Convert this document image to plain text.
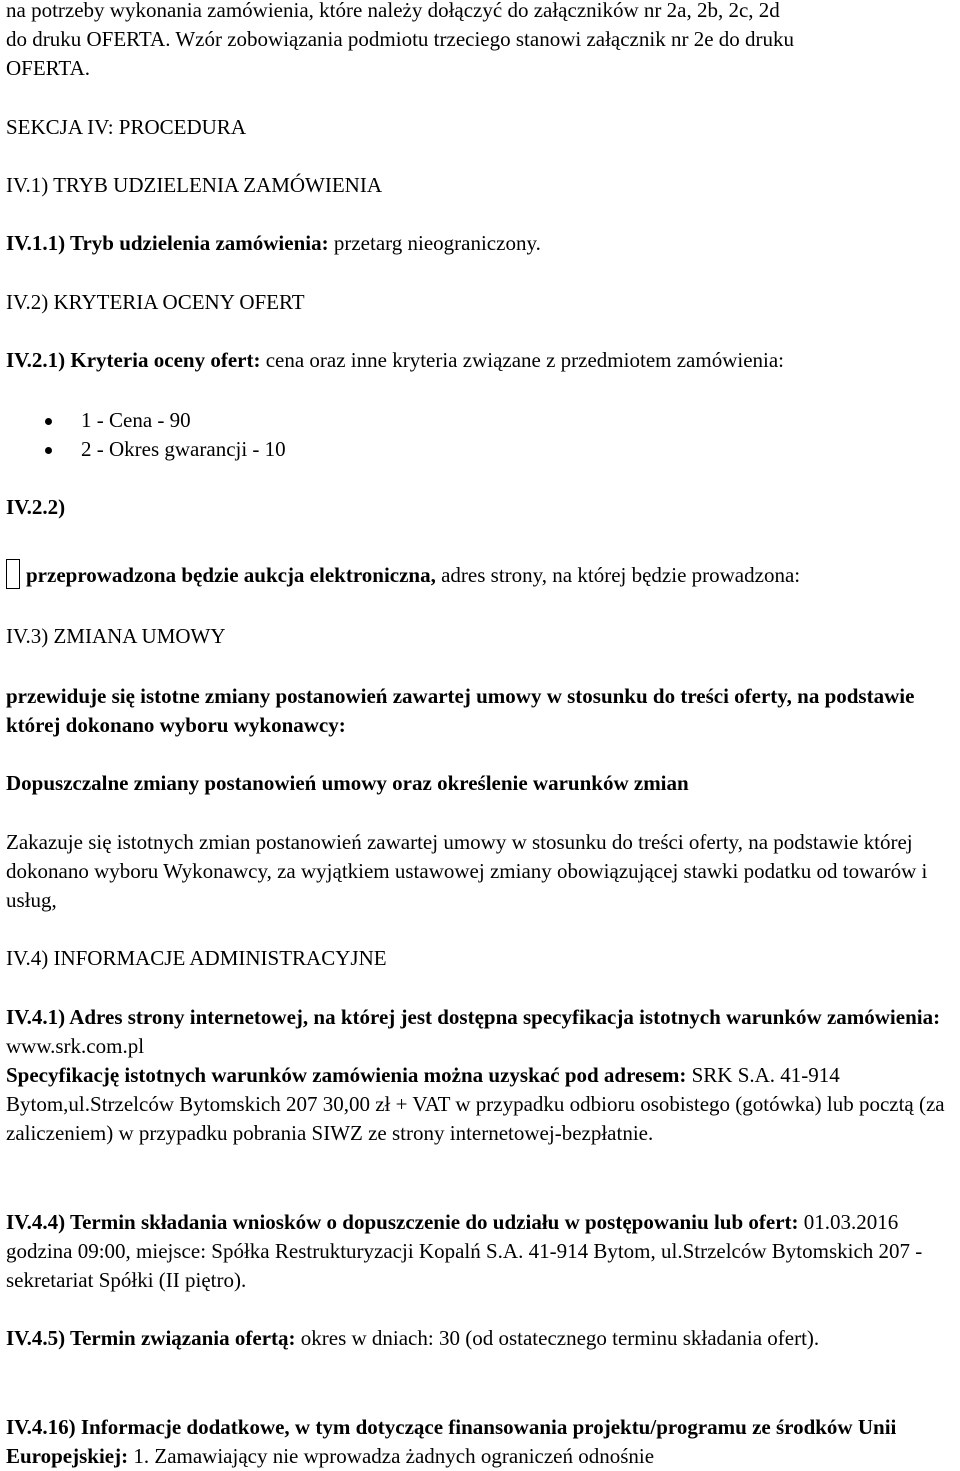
na potrzeby wykonania zamówienia, które należy dołączyć do załączników nr 2a, 2b, 2c, 2d

do druku OFERTA. Wzór zobowiązania podmiotu trzeciego stanowi załącznik nr 2e do druku

OFERTA.

SEKCJA IV: PROCEDURA

IV.1) TRYB UDZIELENIA ZAMÓWIENIA

IV.1.1) Tryb udzielenia zamówienia: przetarg nieograniczony.

IV.2) KRYTERIA OCENY OFERT

IV.2.1) Kryteria oceny ofert: cena oraz inne kryteria związane z przedmiotem zamówienia:

1 - Cena - 90
2 - Okres gwarancji - 10

IV.2.2)

przeprowadzona będzie aukcja elektroniczna, adres strony, na której będzie prowadzona:

IV.3) ZMIANA UMOWY

przewiduje się istotne zmiany postanowień zawartej umowy w stosunku do treści oferty, na podstawie której dokonano wyboru wykonawcy:

Dopuszczalne zmiany postanowień umowy oraz określenie warunków zmian

Zakazuje się istotnych zmian postanowień zawartej umowy w stosunku do treści oferty, na podstawie której dokonano wyboru Wykonawcy, za wyjątkiem ustawowej zmiany obowiązującej stawki podatku od towarów i usług,

IV.4) INFORMACJE ADMINISTRACYJNE

IV.4.1) Adres strony internetowej, na której jest dostępna specyfikacja istotnych warunków zamówienia: www.srk.com.pl

Specyfikację istotnych warunków zamówienia można uzyskać pod adresem: SRK S.A. 41-914 Bytom,ul.Strzelców Bytomskich 207 30,00 zł + VAT w przypadku odbioru osobistego (gotówka) lub pocztą (za zaliczeniem) w przypadku pobrania SIWZ ze strony internetowej-bezpłatnie.

IV.4.4) Termin składania wniosków o dopuszczenie do udziału w postępowaniu lub ofert: 01.03.2016 godzina 09:00, miejsce: Spółka Restrukturyzacji Kopalń S.A. 41-914 Bytom, ul.Strzelców Bytomskich 207 - sekretariat Spółki (II piętro).

IV.4.5) Termin związania ofertą: okres w dniach: 30 (od ostatecznego terminu składania ofert).

IV.4.16) Informacje dodatkowe, w tym dotyczące finansowania projektu/programu ze środków Unii Europejskiej: 1. Zamawiający nie wprowadza żadnych ograniczeń odnośnie
